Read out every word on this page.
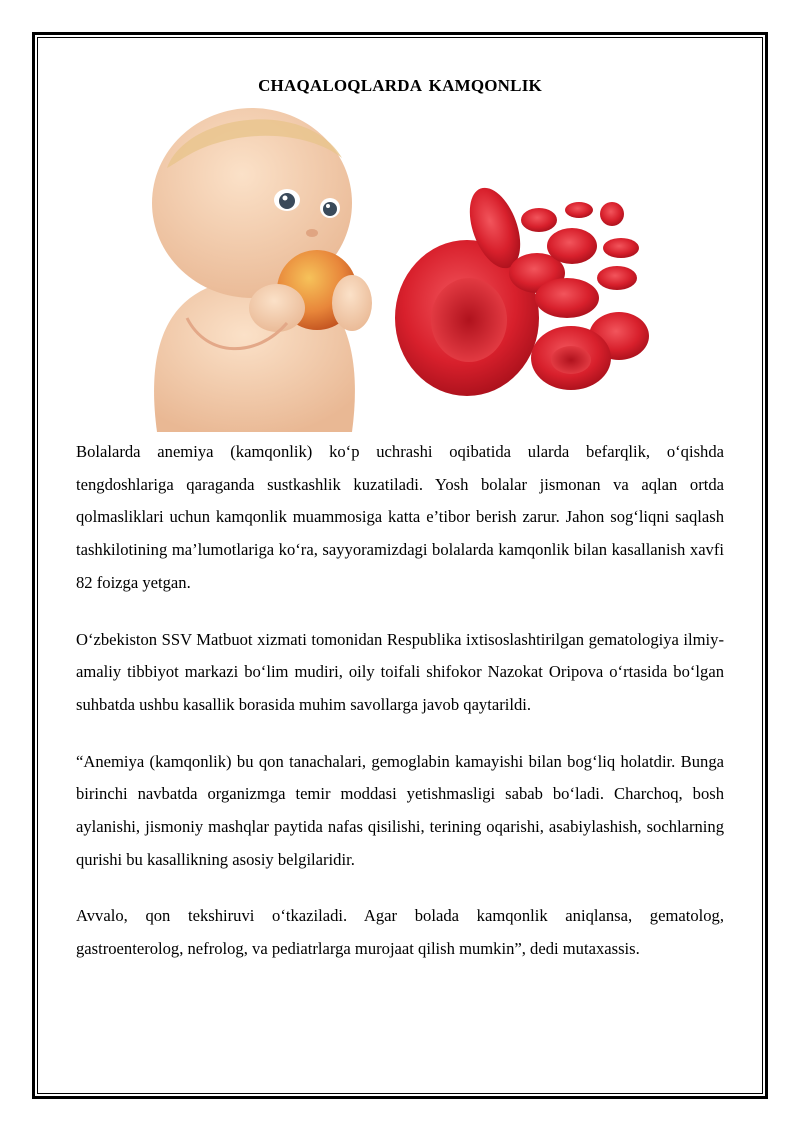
CHAQALOQLARDA KAMQONLIK

Bolalarda anemiya (kamqonlik) ko‘p uchrashi oqibatida ularda befarqlik, o‘qishda tengdoshlariga qaraganda sustkashlik kuzatiladi. Yosh bolalar jismonan va aqlan ortda qolmasliklari uchun kamqonlik muammosiga katta e’tibor berish zarur. Jahon sog‘liqni saqlash tashkilotining ma’lumotlariga ko‘ra, sayyoramizdagi bolalarda kamqonlik bilan kasallanish xavfi 82 foizga yetgan.

O‘zbekiston SSV Matbuot xizmati tomonidan Respublika ixtisoslashtirilgan gematologiya ilmiy-amaliy tibbiyot markazi bo‘lim mudiri, oily toifali shifokor Nazokat Oripova o‘rtasida bo‘lgan suhbatda ushbu kasallik borasida muhim savollarga javob qaytarildi.

“Anemiya (kamqonlik) bu qon tanachalari, gemoglabin kamayishi bilan bog‘liq holatdir. Bunga birinchi navbatda organizmga temir moddasi yetishmasligi sabab bo‘ladi. Charchoq, bosh aylanishi, jismoniy mashqlar paytida nafas qisilishi, terining oqarishi, asabiylashish, sochlarning qurishi bu kasallikning asosiy belgilaridir.

Avvalo, qon tekshiruvi o‘tkaziladi. Agar bolada kamqonlik aniqlansa, gematolog, gastroenterolog, nefrolog, va pediatrlarga murojaat qilish mumkin”, dedi mutaxassis.
